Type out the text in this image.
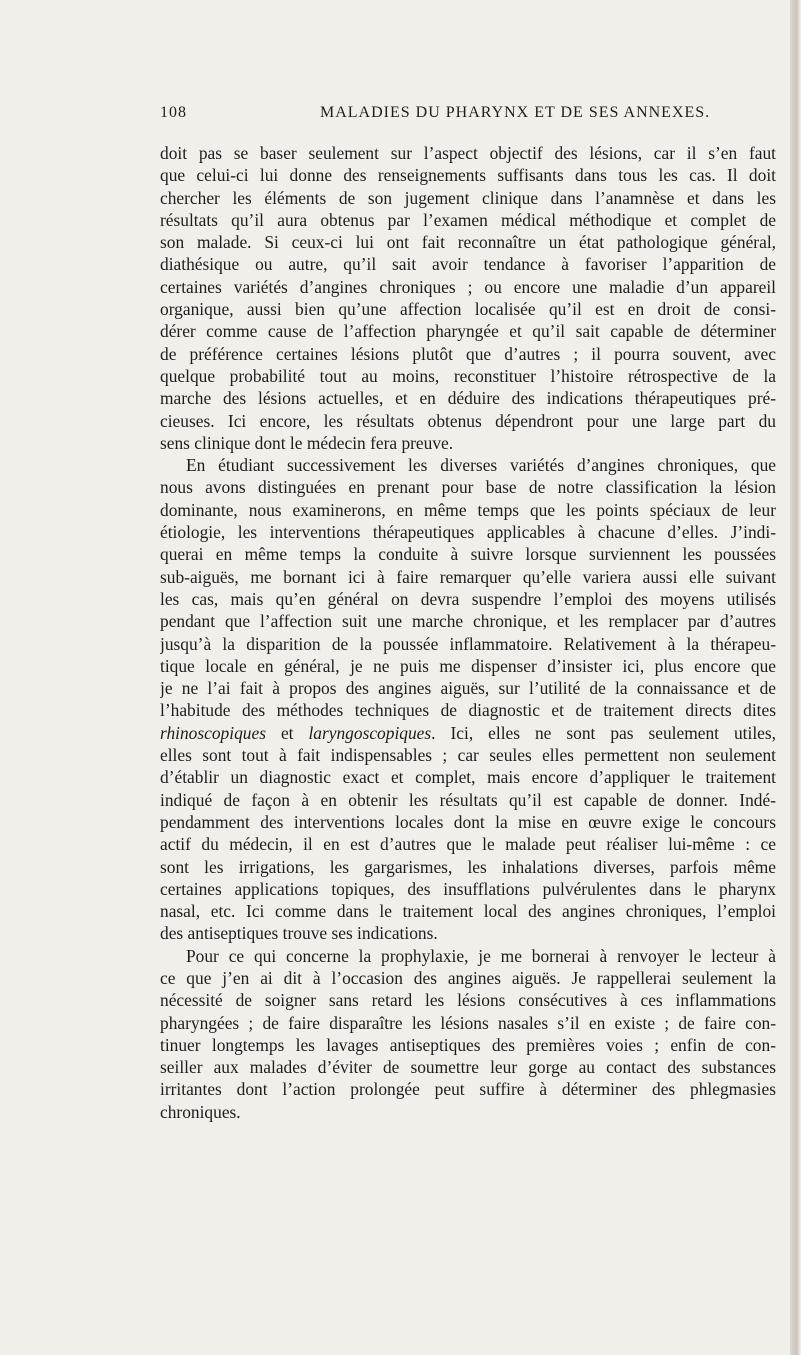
108	MALADIES DU PHARYNX ET DE SES ANNEXES.
doit pas se baser seulement sur l’aspect objectif des lésions, car il s’en faut
que celui-ci lui donne des renseignements suffisants dans tous les cas. Il doit
chercher les éléments de son jugement clinique dans l’anamnèse et dans les
résultats qu’il aura obtenus par l’examen médical méthodique et complet de
son malade. Si ceux-ci lui ont fait reconnaître un état pathologique général,
diathésique ou autre, qu’il sait avoir tendance à favoriser l’apparition de
certaines variétés d’angines chroniques ; ou encore une maladie d’un appareil
organique, aussi bien qu’une affection localisée qu’il est en droit de consi-
dérer comme cause de l’affection pharyngée et qu’il sait capable de déterminer
de préférence certaines lésions plutôt que d’autres ; il pourra souvent, avec
quelque probabilité tout au moins, reconstituer l’histoire rétrospective de la
marche des lésions actuelles, et en déduire des indications thérapeutiques pré-
cieuses. Ici encore, les résultats obtenus dépendront pour une large part du
sens clinique dont le médecin fera preuve.
En étudiant successivement les diverses variétés d’angines chroniques, que
nous avons distinguées en prenant pour base de notre classification la lésion
dominante, nous examinerons, en même temps que les points spéciaux de leur
étiologie, les interventions thérapeutiques applicables à chacune d’elles. J’indi-
querai en même temps la conduite à suivre lorsque surviennent les poussées
sub-aiguës, me bornant ici à faire remarquer qu’elle variera aussi elle suivant
les cas, mais qu’en général on devra suspendre l’emploi des moyens utilisés
pendant que l’affection suit une marche chronique, et les remplacer par d’autres
jusqu’à la disparition de la poussée inflammatoire. Relativement à la thérapeu-
tique locale en général, je ne puis me dispenser d’insister ici, plus encore que
je ne l’ai fait à propos des angines aiguës, sur l’utilité de la connaissance et de
l’habitude des méthodes techniques de diagnostic et de traitement directs dites
rhinoscopiques et laryngoscopiques. Ici, elles ne sont pas seulement utiles,
elles sont tout à fait indispensables ; car seules elles permettent non seulement
d’établir un diagnostic exact et complet, mais encore d’appliquer le traitement
indiqué de façon à en obtenir les résultats qu’il est capable de donner. Indé-
pendamment des interventions locales dont la mise en œuvre exige le concours
actif du médecin, il en est d’autres que le malade peut réaliser lui-même : ce
sont les irrigations, les gargarismes, les inhalations diverses, parfois même
certaines applications topiques, des insufflations pulvérulentes dans le pharynx
nasal, etc. Ici comme dans le traitement local des angines chroniques, l’emploi
des antiseptiques trouve ses indications.
Pour ce qui concerne la prophylaxie, je me bornerai à renvoyer le lecteur à
ce que j’en ai dit à l’occasion des angines aiguës. Je rappellerai seulement la
nécessité de soigner sans retard les lésions consécutives à ces inflammations
pharyngées ; de faire disparaître les lésions nasales s’il en existe ; de faire con-
tinuer longtemps les lavages antiseptiques des premières voies ; enfin de con-
seiller aux malades d’éviter de soumettre leur gorge au contact des substances
irritantes dont l’action prolongée peut suffire à déterminer des phlegmasies
chroniques.
